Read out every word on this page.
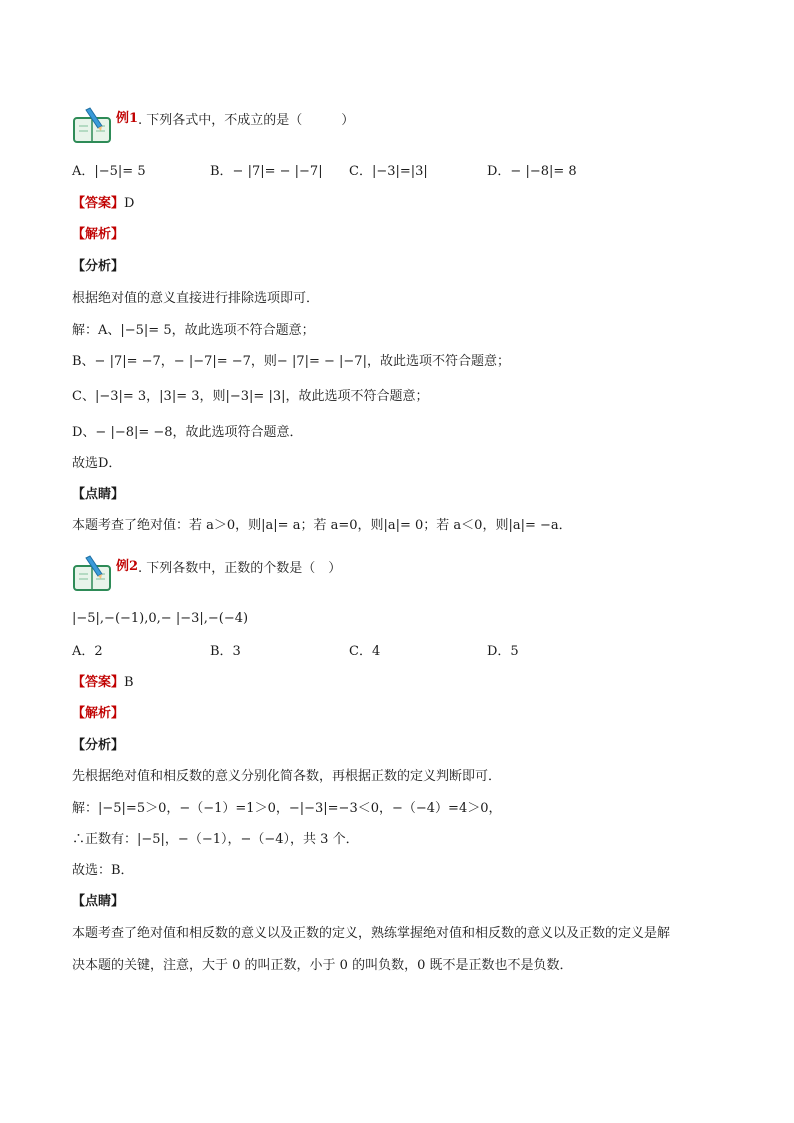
例1 . 下列各式中，不成立的是（　　　）
A．|−5|= 5	B．− |7|= − |−7| C．|−3|=|3|	D．− |−8|= 8
【答案】D
【解析】
【分析】
根据绝对值的意义直接进行排除选项即可．
解：A、|−5|= 5，故此选项不符合题意；
B、− |7|= −7，− |−7|= −7，则− |7|= − |−7|，故此选项不符合题意；
C、|−3|= 3，|3|= 3，则|−3|= |3|，故此选项不符合题意；
D、− |−8|= −8，故此选项符合题意．
故选D．
【点睛】
本题考查了绝对值：若 a＞0，则|a|= a；若 a=0，则|a|= 0；若 a＜0，则|a|= −a．
例2 . 下列各数中，正数的个数是（　）
|−5|,−(−1),0,− |−3|,−(−4)
A．2	B．3	C．4	D．5
【答案】B
【解析】
【分析】
先根据绝对值和相反数的意义分别化简各数，再根据正数的定义判断即可．
解：|−5|=5＞0，−（−1）=1＞0，−|−3|=−3＜0，−（−4）=4＞0，
∴正数有：|−5|，−（−1），−（−4），共 3 个．
故选：B．
【点睛】
本题考查了绝对值和相反数的意义以及正数的定义，熟练掌握绝对值和相反数的意义以及正数的定义是解
决本题的关键，注意，大于 0 的叫正数，小于 0 的叫负数，0 既不是正数也不是负数．
